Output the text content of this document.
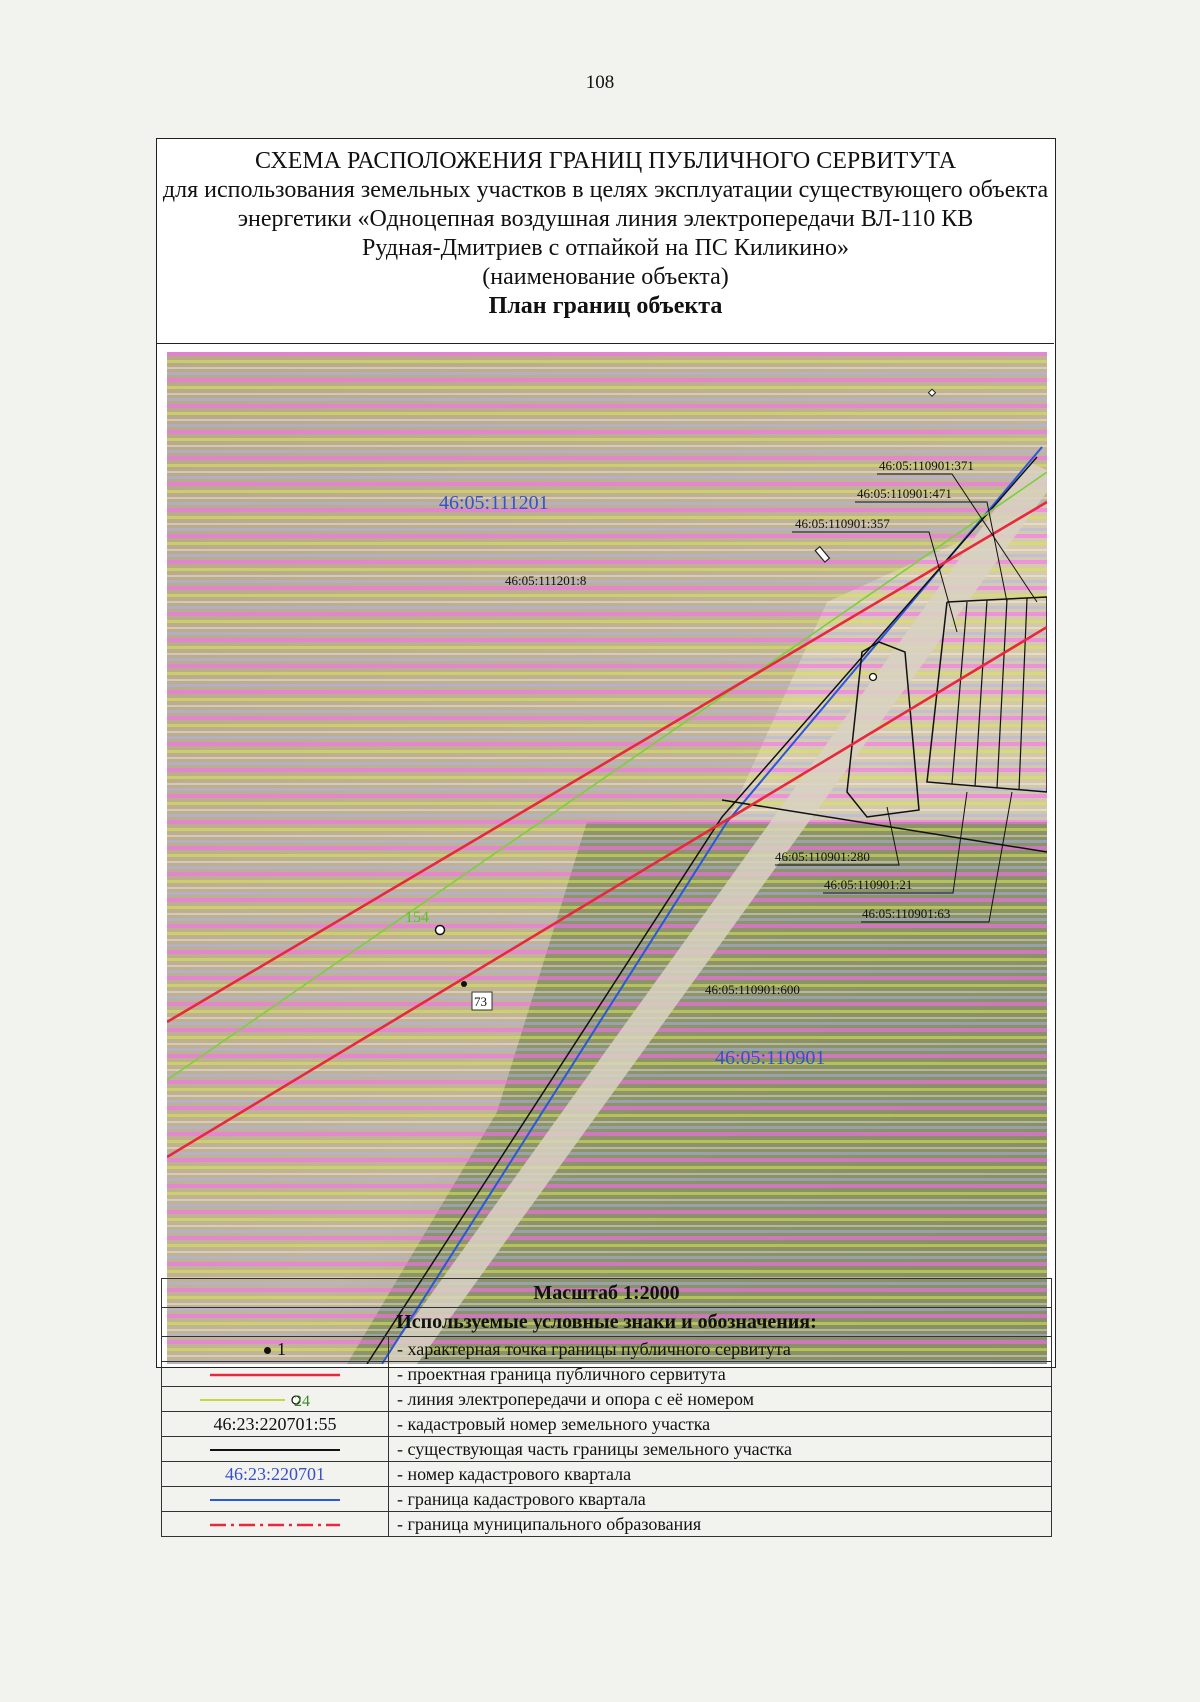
108
СХЕМА РАСПОЛОЖЕНИЯ ГРАНИЦ ПУБЛИЧНОГО СЕРВИТУТА
для использования земельных участков в целях эксплуатации существующего объекта
энергетики «Одноцепная воздушная линия электропередачи ВЛ-110 КВ
Рудная-Дмитриев с отпайкой на ПС Киликино»
(наименование объекта)
План границ объекта
154
73
46:05:111201
46:05:110901
46:05:110901:371
46:05:110901:471
46:05:110901:357
46:05:111201:8
46:05:110901:280
46:05:110901:21
46:05:110901:63
46:05:110901:600
Масштаб 1:2000	
Используемые условные знаки и обозначения:	
1	- характерная точка границы публичного сервитута
	- проектная граница публичного сервитута

24	- линия электропередачи и опора с её номером
46:23:220701:55	- кадастровый номер земельного участка
	- существующая часть границы земельного участка
46:23:220701	- номер кадастрового квартала
	- граница кадастрового квартала
	- граница муниципального образования
